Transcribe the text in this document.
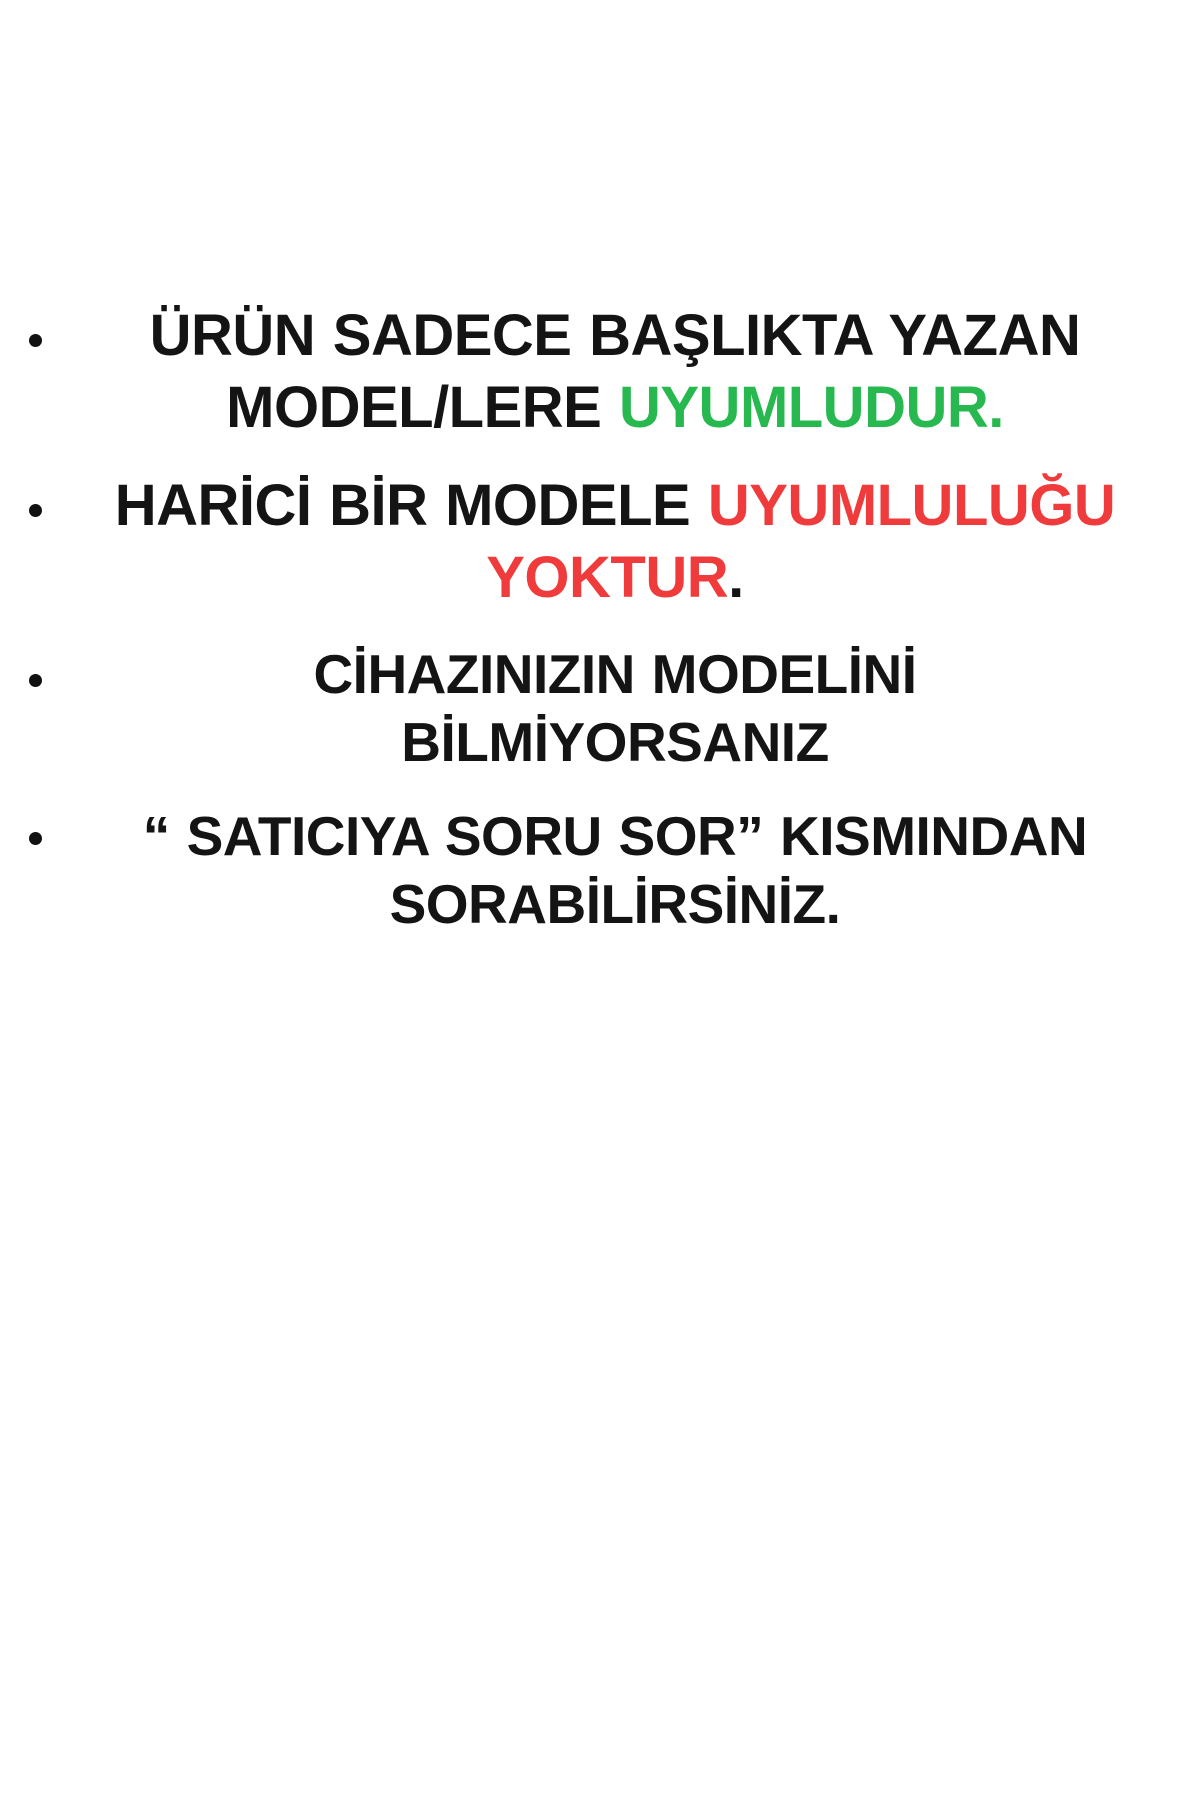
ÜRÜN SADECE BAŞLIKTA YAZAN
MODEL/LERE UYUMLUDUR.
HARİCİ BİR MODELE UYUMLULUĞU
YOKTUR.
CİHAZINIZIN MODELİNİ
BİLMİYORSANIZ
“ SATICIYA SORU SOR” KISMINDAN
SORABİLİRSİNİZ.
